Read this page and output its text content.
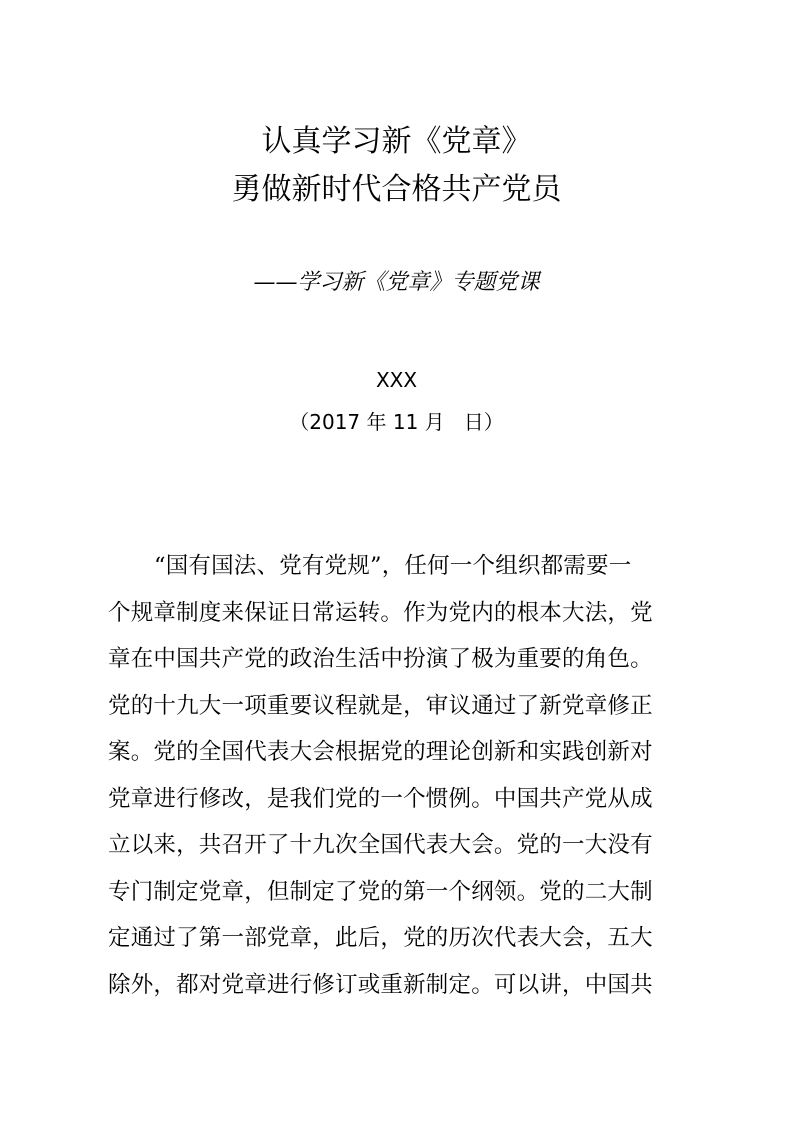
认真学习新《党章》
勇做新时代合格共产党员
——学习新《党章》专题党课
XXX
（2017 年 11 月   日）
“国有国法、党有党规”，任何一个组织都需要一
个规章制度来保证日常运转。作为党内的根本大法，党
章在中国共产党的政治生活中扮演了极为重要的角色。
党的十九大一项重要议程就是，审议通过了新党章修正
案。党的全国代表大会根据党的理论创新和实践创新对
党章进行修改，是我们党的一个惯例。中国共产党从成
立以来，共召开了十九次全国代表大会。党的一大没有
专门制定党章，但制定了党的第一个纲领。党的二大制
定通过了第一部党章，此后，党的历次代表大会，五大
除外，都对党章进行修订或重新制定。可以讲，中国共
